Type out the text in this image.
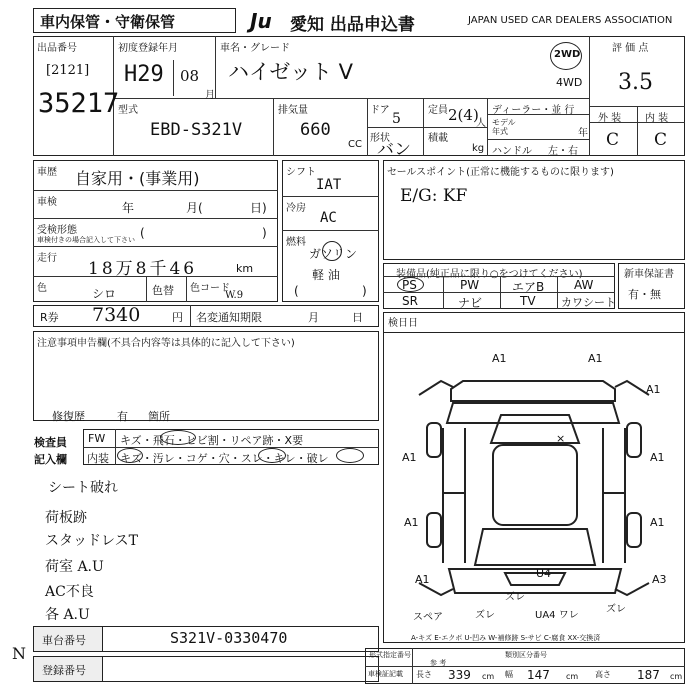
車内保管・守衛保管	Ju 愛知 出品申込書	JAPAN USED CAR DEALERS ASSOCIATION
出品番号
[2121]
35217
初度登録年月
H29 08
月
車名・グレード
ハイゼット V
2WD
4WD
評 価 点
3.5
外 装 内 装
C C
型式
EBD-S321V
排気量
660
CC
ドア
5
形状
バン
定員 2(4)
人
積載
kg
ディーラー・並 行
モデル 年式	年
ハンドル 左・右
車歴 自家用・(事業用)
車検	年	月(	日)
受検形態
車検付きの場合記入して下さい (	)
走行
18万8千46	km
色	シロ	色替 色コード
W.9
シフト
IAT
冷房
AC
燃料
ガソリン
軽 油
(	)
セールスポイント(正常に機能するものに限ります)
E/G: KF
装備品(純正品に限り○をつけてください)
PS	PW	エアB AW
SR	ナビ	TV カワシート
新車保証書
有・無
R券 7340	円 名変通知期限	月	日	検日日
注意事項申告欄(不具合内容等は具体的に記入して下さい)
修復歴	有 箇所
検査員
記入欄
FW キズ・飛石・ヒビ割・リペア跡・X要
内装 キズ・汚レ・コゲ・穴・スレ・キレ・破レ
シート破れ
荷板跡
スタッドレスT
荷室 A.U
AC不良
各 A.U
N
A1	A1
A1
A1	A1
A1	A1
U4	A3
A1
ズレ
ズレ
UA4 ワレ
スペア
ズレ
×
A-キズ E-エクボ U-凹み W-補修跡 S-サビ C-腐食 XX-交換済
車台番号	S321V-0330470
登録番号
形式指定番号	類別区分番号
参 考
車検証記載 長さ 339 cm 幅 147 cm 高さ 187 cm
